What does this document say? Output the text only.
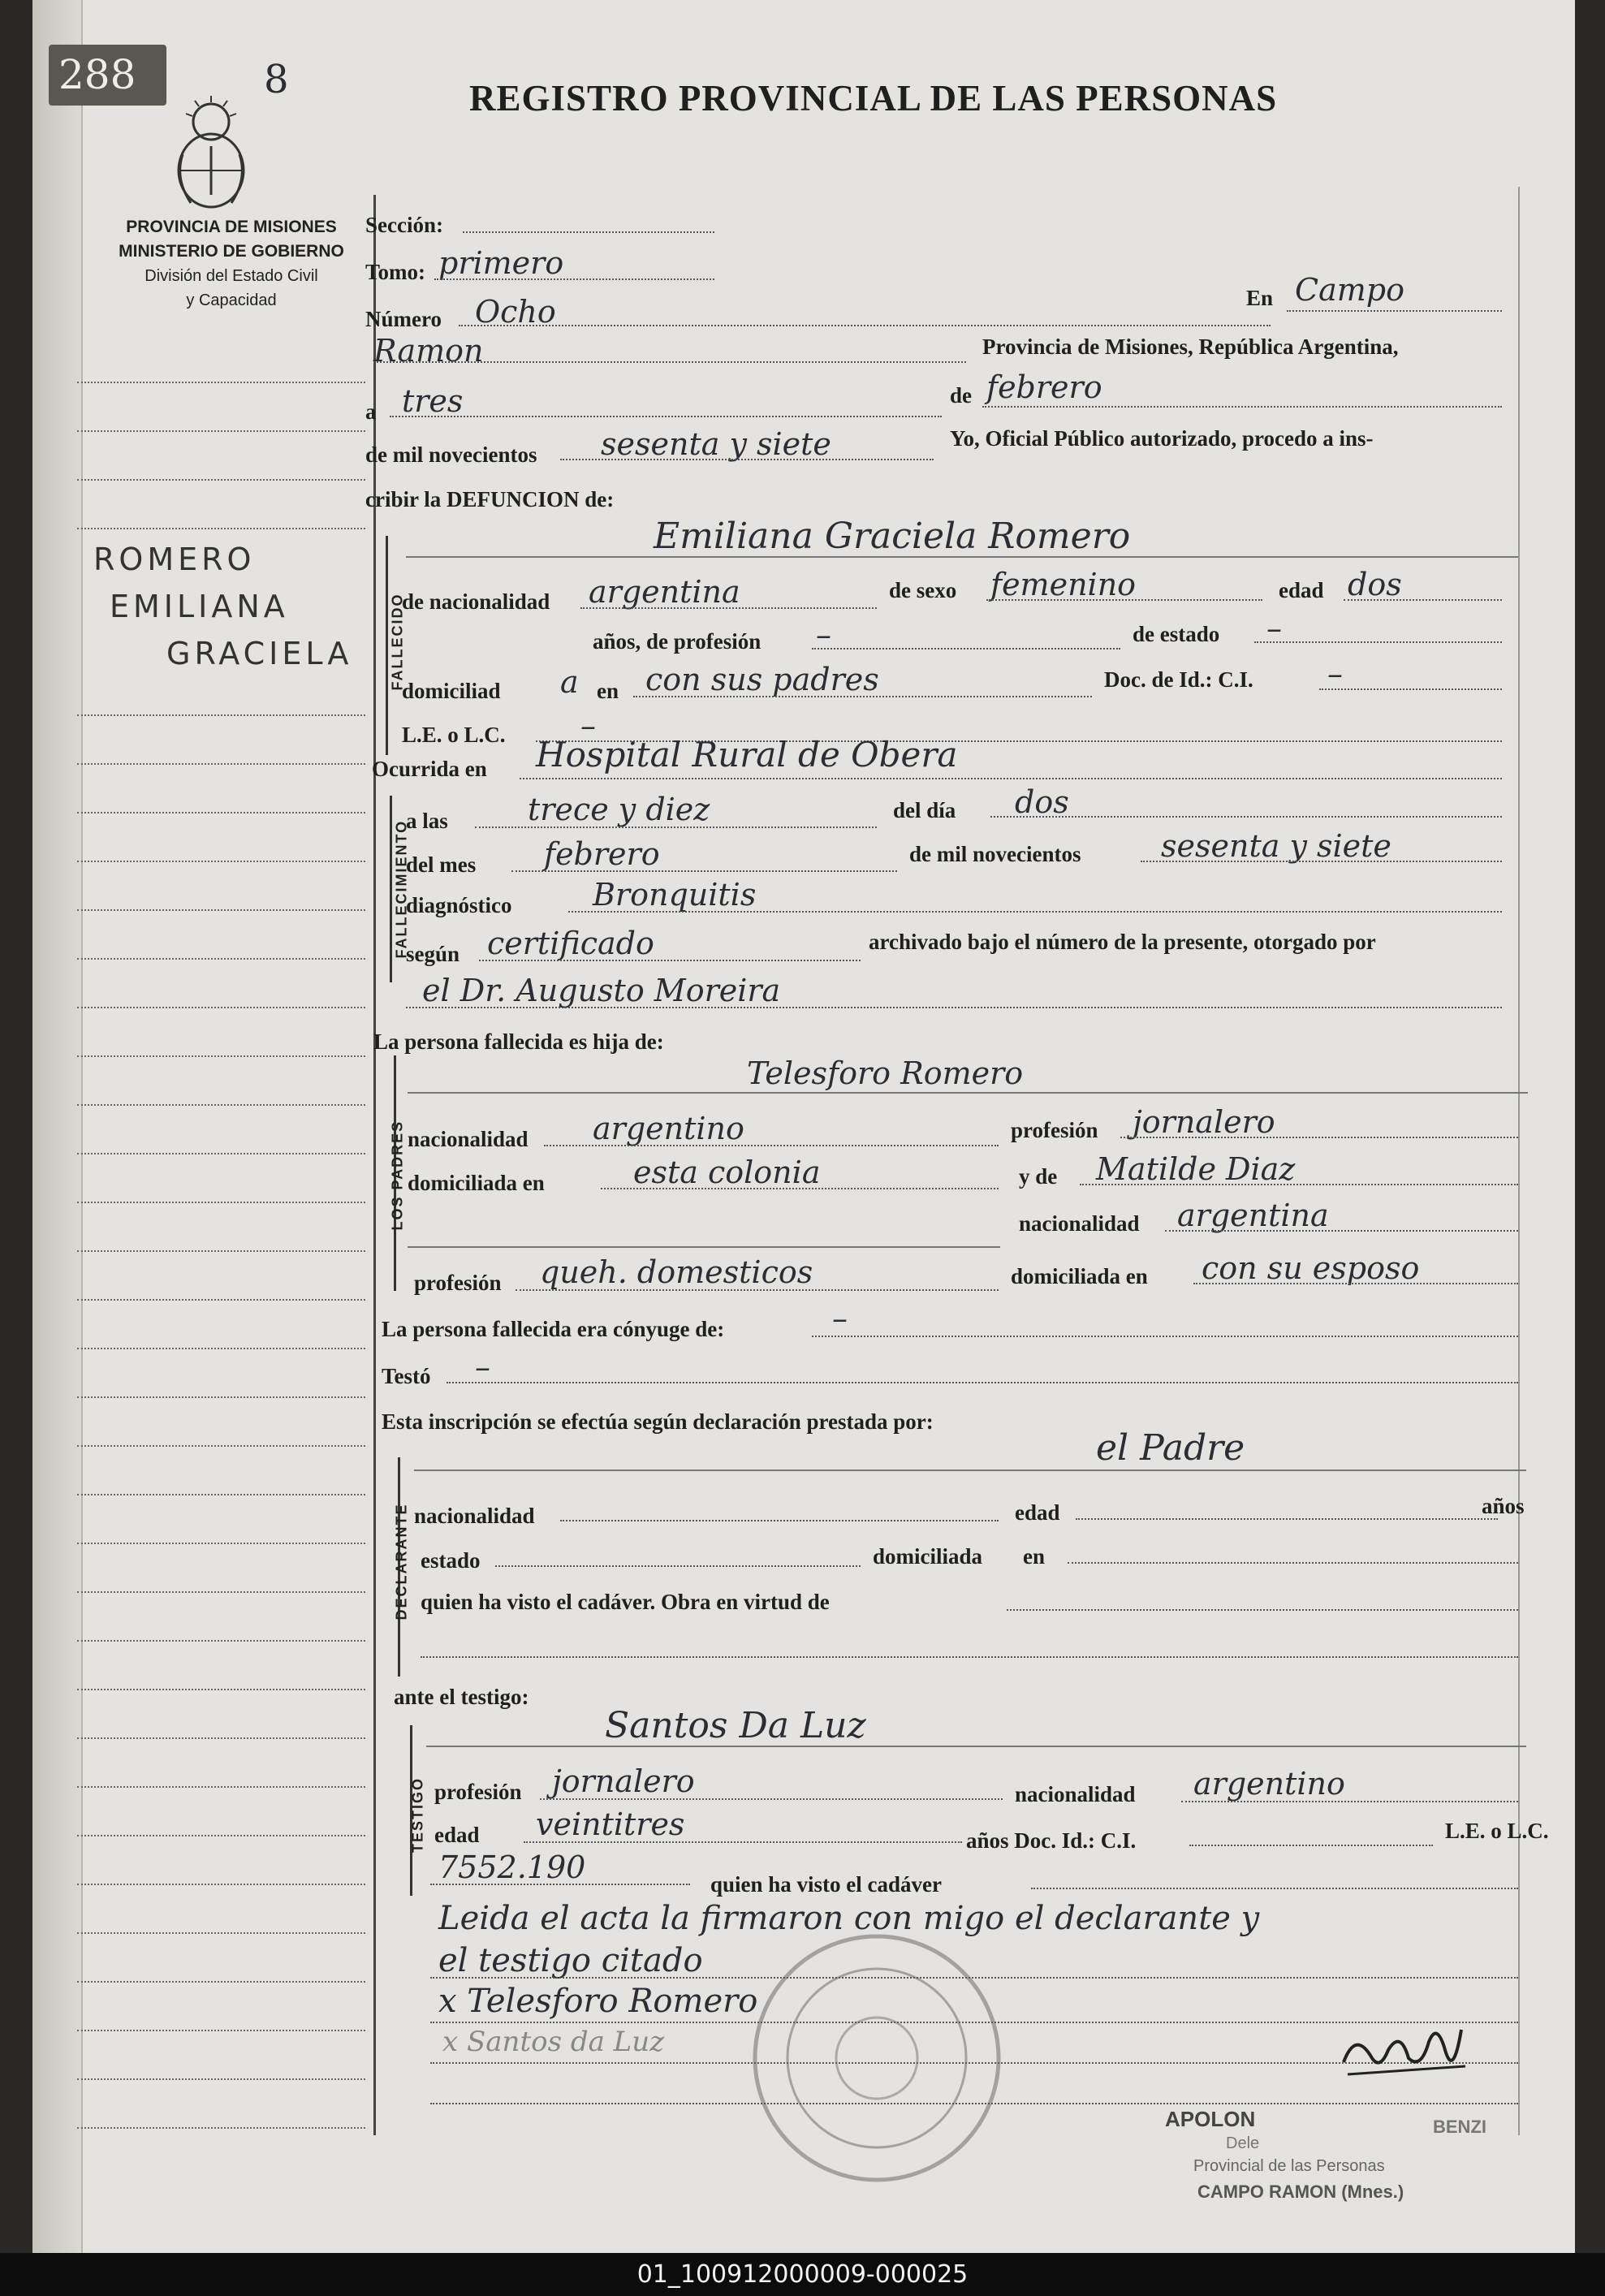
288	8	REGISTRO PROVINCIAL DE LAS PERSONAS
PROVINCIA DE MISIONES
MINISTERIO DE GOBIERNO
División del Estado Civil
y Capacidad
ROMERO
EMILIANA
GRACIELA
Sección:
Tomo: primero
Número Ocho	En Campo
Ramon	Provincia de Misiones, República Argentina,
a tres	de febrero
de mil novecientos sesenta y siete	Yo, Oficial Público autorizado, procedo a ins-
cribir la DEFUNCION de:
FALLECIDO
Emiliana Graciela Romero
de nacionalidad argentina	de sexo femenino	edad dos
años, de profesión –	de estado –
domiciliad a en con sus padres	Doc. de Id.: C.I. –
L.E. o L.C. –
Ocurrida en Hospital Rural de Obera
FALLECIMIENTO
a las	trece y diez	del día dos
del mes febrero	de mil novecientos	sesenta y siete
diagnóstico	Bronquitis
según certificado	archivado bajo el número de la presente, otorgado por
el Dr. Augusto Moreira
La persona fallecida es hija de:
LOS PADRES
Telesforo Romero
nacionalidad argentino	profesión jornalero
domiciliada en	esta colonia	y de Matilde Diaz
nacionalidad argentina
profesión queh. domesticos	domiciliada en con su esposo
La persona fallecida era cónyuge de:	–
Testó –
Esta inscripción se efectúa según declaración prestada por:
DECLARANTE
el Padre
nacionalidad	edad	años
estado	domiciliada en
quien ha visto el cadáver. Obra en virtud de
ante el testigo:
TESTIGO
Santos Da Luz
profesión jornalero	nacionalidad argentino
edad veintitres	años Doc. Id.: C.I.	L.E. o L.C.
7552.190	quien ha visto el cadáver
Leida el acta la firmaron con migo el declarante y
el testigo citado
x Telesforo Romero
x Santos da Luz
APOLON	BENZI
Dele
Provincial de las Personas
CAMPO RAMON (Mnes.)
01_100912000009-000025
